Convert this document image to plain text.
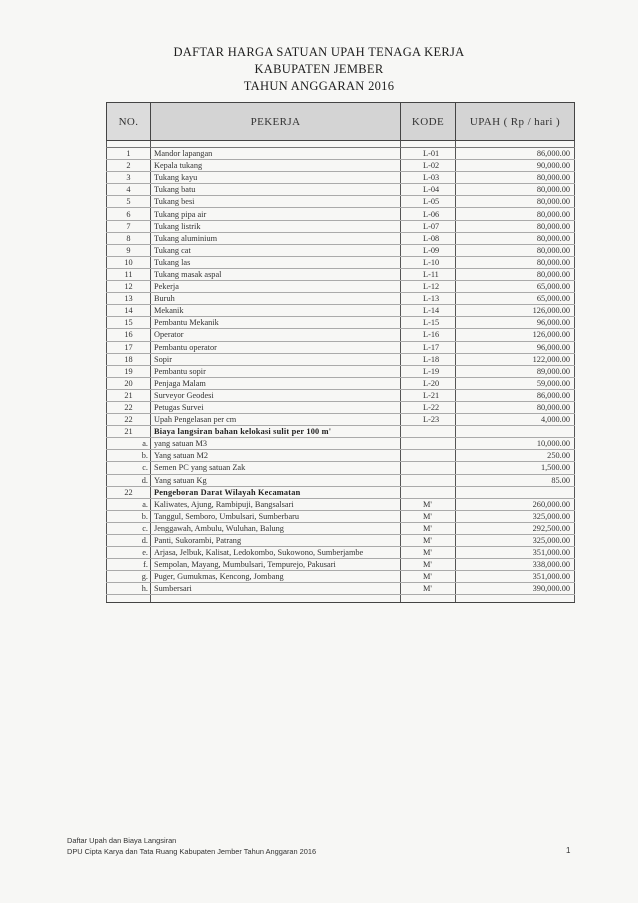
DAFTAR HARGA SATUAN UPAH TENAGA KERJA
KABUPATEN JEMBER
TAHUN ANGGARAN 2016
NO.	PEKERJA	KODE	UPAH ( Rp / hari )

1	Mandor lapangan	L-01	86,000.00
2	Kepala tukang	L-02	90,000.00
3	Tukang kayu	L-03	80,000.00
4	Tukang batu	L-04	80,000.00
5	Tukang besi	L-05	80,000.00
6	Tukang pipa air	L-06	80,000.00
7	Tukang listrik	L-07	80,000.00
8	Tukang aluminium	L-08	80,000.00
9	Tukang cat	L-09	80,000.00
10	Tukang las	L-10	80,000.00
11	Tukang masak aspal	L-11	80,000.00
12	Pekerja	L-12	65,000.00
13	Buruh	L-13	65,000.00
14	Mekanik	L-14	126,000.00
15	Pembantu Mekanik	L-15	96,000.00
16	Operator	L-16	126,000.00
17	Pembantu operator	L-17	96,000.00
18	Sopir	L-18	122,000.00
19	Pembantu sopir	L-19	89,000.00
20	Penjaga Malam	L-20	59,000.00
21	Surveyor Geodesi	L-21	86,000.00
22	Petugas Survei	L-22	80,000.00
22	Upah Pengelasan per cm	L-23	4,000.00
21	Biaya langsiran bahan kelokasi sulit per 100 m'		
a.	yang satuan M3		10,000.00
b.	Yang satuan M2		250.00
c.	Semen PC yang satuan Zak		1,500.00
d.	Yang satuan Kg		85.00
22	Pengeboran Darat Wilayah Kecamatan		
a.	Kaliwates, Ajung, Rambipuji, Bangsalsari	M'	260,000.00
b.	Tanggul, Semboro, Umbulsari, Sumberbaru	M'	325,000.00
c.	Jenggawah, Ambulu, Wuluhan, Balung	M'	292,500.00
d.	Panti, Sukorambi, Patrang	M'	325,000.00
e.	Arjasa, Jelbuk, Kalisat, Ledokombo, Sukowono, Sumberjambe	M'	351,000.00
f.	Sempolan, Mayang, Mumbulsari, Tempurejo, Pakusari	M'	338,000.00
g.	Puger, Gumukmas, Kencong, Jombang	M'	351,000.00
h.	Sumbersari	M'	390,000.00

Daftar Upah dan Biaya Langsiran
DPU Cipta Karya dan Tata Ruang Kabupaten Jember Tahun Anggaran 2016	1
